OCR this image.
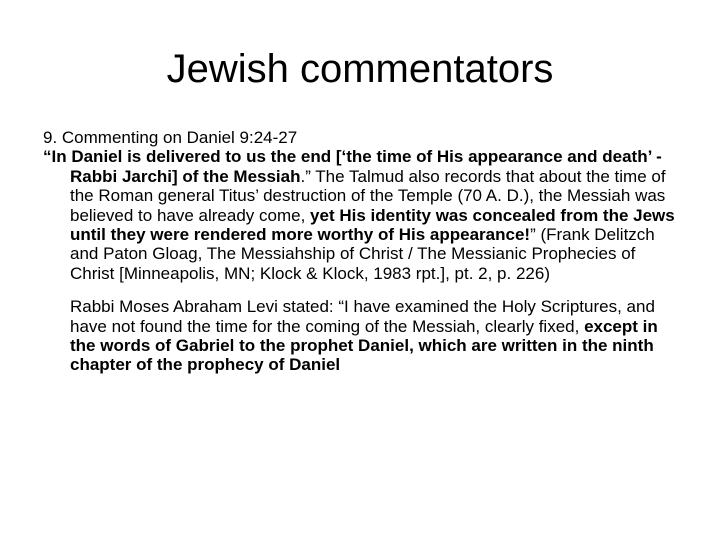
Jewish commentators

9. Commenting on Daniel 9:24-27

“In Daniel is delivered to us the end [‘the time of His appearance and death’ - Rabbi Jarchi] of the Messiah.” The Talmud also records that about the time of the Roman general Titus’ destruction of the Temple (70 A. D.), the Messiah was believed to have already come, yet His identity was concealed from the Jews until they were rendered more worthy of His appearance!” (Frank Delitzch and Paton Gloag, The Messiahship of Christ / The Messianic Prophecies of Christ [Minneapolis, MN; Klock & Klock, 1983 rpt.], pt. 2, p. 226)

Rabbi Moses Abraham Levi stated: “I have examined the Holy Scriptures, and have not found the time for the coming of the Messiah, clearly fixed, except in the words of Gabriel to the prophet Daniel, which are written in the ninth chapter of the prophecy of Daniel
